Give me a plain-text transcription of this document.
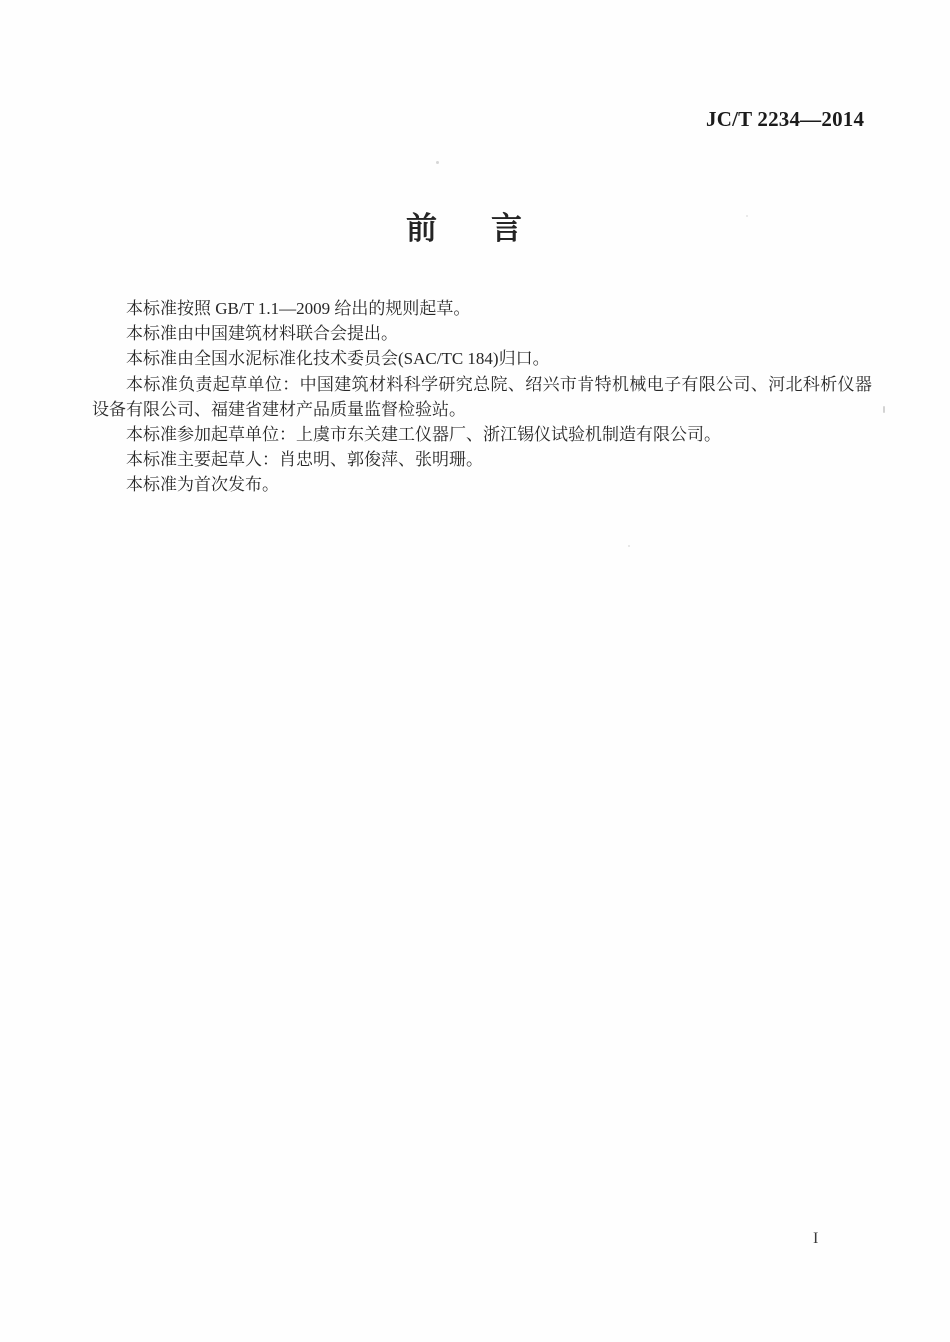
JC/T 2234—2014
前言

本标准按照 GB/T 1.1—2009 给出的规则起草。

本标准由中国建筑材料联合会提出。

本标准由全国水泥标准化技术委员会(SAC/TC 184)归口。

本标准负责起草单位：中国建筑材料科学研究总院、绍兴市肯特机械电子有限公司、河北科析仪器设备有限公司、福建省建材产品质量监督检验站。

本标准参加起草单位：上虞市东关建工仪器厂、浙江锡仪试验机制造有限公司。

本标准主要起草人：肖忠明、郭俊萍、张明珊。

本标准为首次发布。

I
